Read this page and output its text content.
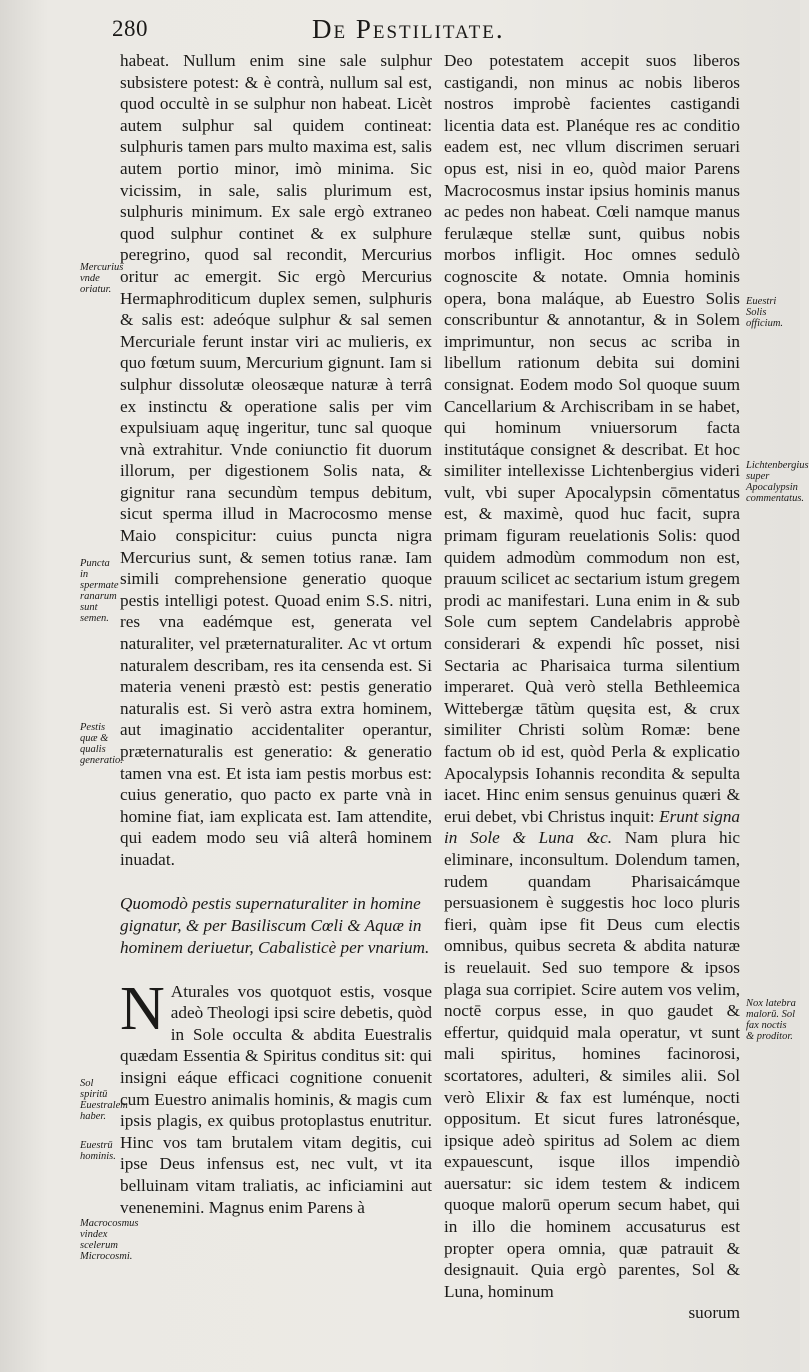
280	De Pestilitate.
Mercurius vnde oriatur.
Puncta in spermate ranarum sunt semen.
Pestis quæ & qualis generatio.
Sol spiritū Euestralem haber.
Euestrū hominis.
Macrocosmus vindex scelerum Microcosmi.
Euestri Solis officium.
Lichtenbergius super Apocalypsin commentatus.
Nox latebra malorū. Sol fax noctis & proditor.

habeat. Nullum enim sine sale sulphur subsistere potest: & è contrà, nullum sal est, quod occultè in se sulphur non habeat. Licèt autem sulphur sal quidem contineat: sulphuris tamen pars multo maxima est, salis autem portio minor, imò minima. Sic vicissim, in sale, salis plurimum est, sulphuris minimum. Ex sale ergò extraneo quod sulphur continet & ex sulphure peregrino, quod sal recondit, Mercurius oritur ac emergit. Sic ergò Mercurius Hermaphroditicum duplex semen, sulphuris & salis est: adeóque sulphur & sal semen Mercuriale ferunt instar viri ac mulieris, ex quo fœtum suum, Mercurium gignunt. Iam si sulphur dissolutæ oleosæque naturæ à terrâ ex instinctu & operatione salis per vim expulsiuam aquę ingeritur, tunc sal quoque vnà extrahitur. Vnde coniunctio fit duorum illorum, per digestionem Solis nata, & gignitur rana secundùm tempus debitum, sicut sperma illud in Macrocosmo mense Maio conspicitur: cuius puncta nigra Mercurius sunt, & semen totius ranæ. Iam simili comprehensione generatio quoque pestis intelligi potest. Quoad enim S.S. nitri, res vna eadémque est, generata vel naturaliter, vel præternaturaliter. Ac vt ortum naturalem describam, res ita censenda est. Si materia veneni præstò est: pestis generatio naturalis est. Si verò astra extra hominem, aut imaginatio accidentaliter operantur, præternaturalis est generatio: & generatio tamen vna est. Et ista iam pestis morbus est: cuius generatio, quo pacto ex parte vnà in homine fiat, iam explicata est. Iam attendite, qui eadem modo seu viâ alterâ hominem inuadat.

Quomodò pestis supernaturaliter in homine gignatur, & per Basiliscum Cœli & Aquæ in hominem deriuetur, Cabalisticè per vnarium.

N Aturales vos quotquot estis, vosque adeò Theologi ipsi scire debetis, quòd in Sole occulta & abdita Euestralis quædam Essentia & Spiritus conditus sit: qui insigni eáque efficaci cognitione conuenit cum Euestro animalis hominis, & magis cum ipsis plagis, ex quibus protoplastus enutritur. Hinc vos tam brutalem vitam degitis, cui ipse Deus infensus est, nec vult, vt ita belluinam vitam traliatis, ac inficiamini aut venenemini. Magnus enim Parens à

Deo potestatem accepit suos liberos castigandi, non minus ac nobis liberos nostros improbè facientes castigandi licentia data est. Planéque res ac conditio eadem est, nec vllum discrimen seruari opus est, nisi in eo, quòd maior Parens Macrocosmus instar ipsius hominis manus ac pedes non habeat. Cœli namque manus ferulæque stellæ sunt, quibus nobis morbos infligit. Hoc omnes sedulò cognoscite & notate. Omnia hominis opera, bona maláque, ab Euestro Solis conscribuntur & annotantur, & in Solem imprimuntur, non secus ac scriba in libellum rationum debita sui domini consignat. Eodem modo Sol quoque suum Cancellarium & Archiscribam in se habet, qui hominum vniuersorum facta institutáque consignet & describat. Et hoc similiter intellexisse Lichtenbergius videri vult, vbi super Apocalypsin cōmentatus est, & maximè, quod huc facit, supra primam figuram reuelationis Solis: quod quidem admodùm commodum non est, prauum scilicet ac sectarium istum gregem prodi ac manifestari. Luna enim in & sub Sole cum septem Candelabris approbè considerari & expendi hîc posset, nisi Sectaria ac Pharisaica turma silentium imperaret. Quà verò stella Bethleemica Wittebergæ tātùm quęsita est, & crux similiter Christi solùm Romæ: bene factum ob id est, quòd Perla & explicatio Apocalypsis Iohannis recondita & sepulta iacet. Hinc enim sensus genuinus quæri & erui debet, vbi Christus inquit: Erunt signa in Sole & Luna &c. Nam plura hic eliminare, inconsultum. Dolendum tamen, rudem quandam Pharisaicámque persuasionem è suggestis hoc loco pluris fieri, quàm ipse fit Deus cum electis omnibus, quibus secreta & abdita naturæ is reuelauit. Sed suo tempore & ipsos plaga sua corripiet. Scire autem vos velim, noctē corpus esse, in quo gaudet & effertur, quidquid mala operatur, vt sunt mali spiritus, homines facinorosi, scortatores, adulteri, & similes alii. Sol verò Elixir & fax est luménque, nocti oppositum. Et sicut fures latronésque, ipsique adeò spiritus ad Solem ac diem expauescunt, isque illos impendiò auersatur: sic idem testem & indicem quoque malorū operum secum habet, qui in illo die hominem accusaturus est propter opera omnia, quæ patrauit & designauit. Quia ergò parentes, Sol & Luna, hominum

suorum
